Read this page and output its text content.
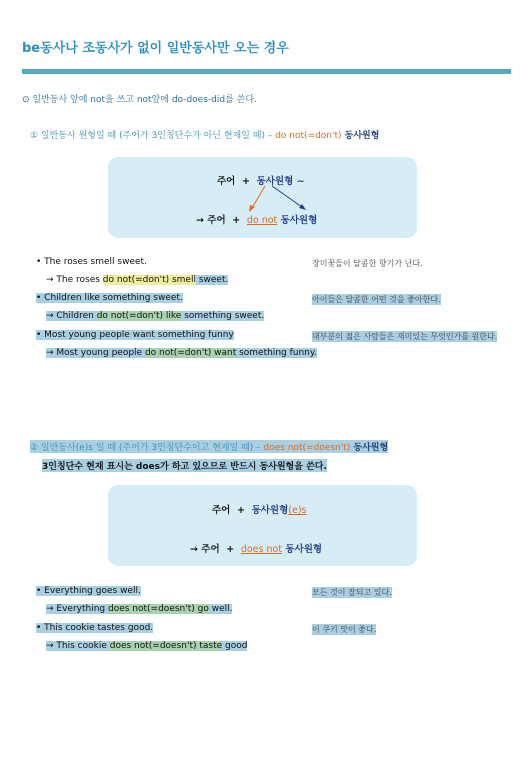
be동사나 조동사가 없이 일반동사만 오는 경우
⊙ 일반동사 앞에 not을 쓰고 not앞에 do-does-did를 쓴다.
① 일반동사 원형일 때 (주어가 3인칭단수가 아닌 현재일 때) – do not(=don't) 동사원형
주어 + 동사원형 ~
→ 주어 + do not 동사원형
• The roses smell sweet.	장미꽃들이 달콤한 향기가 난다.
→ The roses do not(=don't) smell sweet.
• Children like something sweet.	아이들은 달콤한 어떤 것을 좋아한다.
→ Children do not(=don't) like something sweet.
• Most young people want something funny	대부분의 젊은 사람들은 재미있는 무엇인가를 원한다.
→ Most young people do not(=don't) want something funny.
② 일반동사(e)s 일 때 (주어가 3인칭단수이고 현재일 때) – does not(=doesn't) 동사원형
3인칭단수 현재 표시는 does가 하고 있으므로 반드시 동사원형을 쓴다.
주어 + 동사원형(e)s
→ 주어 + does not 동사원형
• Everything goes well.	모든 것이 잘되고 있다.
→ Everything does not(=doesn't) go well.
• This cookie tastes good.	이 쿠키 맛이 좋다.
→ This cookie does not(=doesn't) taste good
